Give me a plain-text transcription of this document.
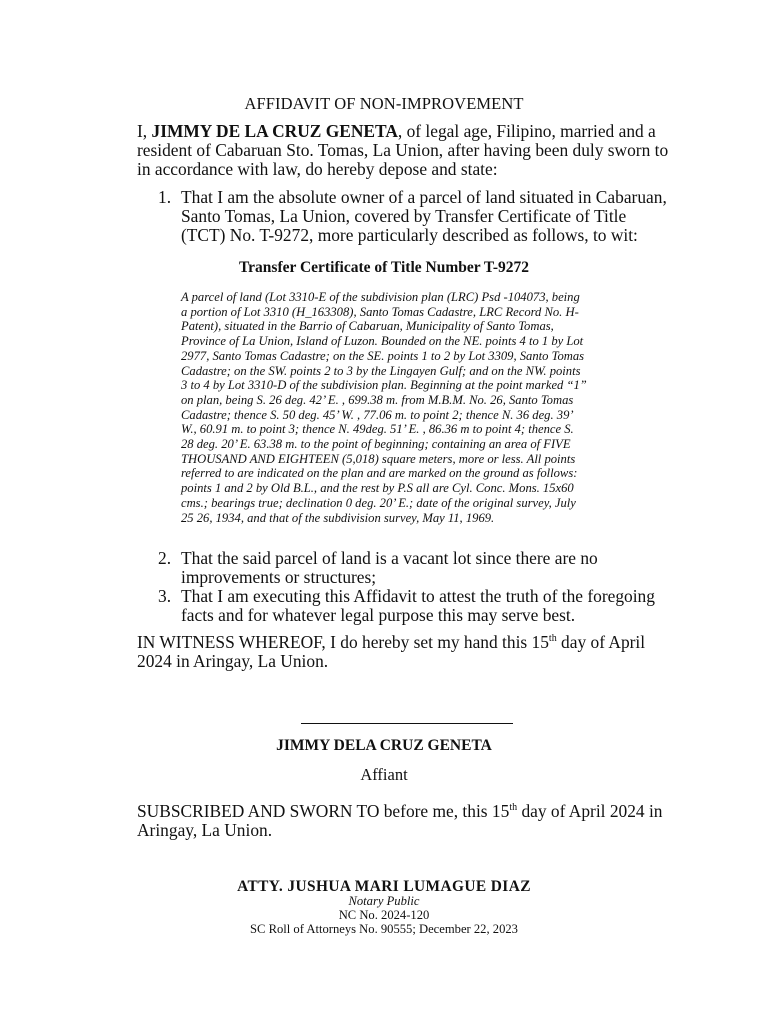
AFFIDAVIT OF NON-IMPROVEMENT
I, JIMMY DE LA CRUZ GENETA, of legal age, Filipino, married and a
resident of Cabaruan Sto. Tomas, La Union, after having been duly sworn to
in accordance with law, do hereby depose and state:
1. That I am the absolute owner of a parcel of land situated in Cabaruan,
Santo Tomas, La Union, covered by Transfer Certificate of Title
(TCT) No. T-9272, more particularly described as follows, to wit:
Transfer Certificate of Title Number T-9272
A parcel of land (Lot 3310-E of the subdivision plan (LRC) Psd -104073, being
a portion of Lot 3310 (H_163308), Santo Tomas Cadastre, LRC Record No. H-
Patent), situated in the Barrio of Cabaruan, Municipality of Santo Tomas,
Province of La Union, Island of Luzon. Bounded on the NE. points 4 to 1 by Lot
2977, Santo Tomas Cadastre; on the SE. points 1 to 2 by Lot 3309, Santo Tomas
Cadastre; on the SW. points 2 to 3 by the Lingayen Gulf; and on the NW. points
3 to 4 by Lot 3310-D of the subdivision plan. Beginning at the point marked “1”
on plan, being S. 26 deg. 42’ E. , 699.38 m. from M.B.M. No. 26, Santo Tomas
Cadastre; thence S. 50 deg. 45’ W. , 77.06 m. to point 2; thence N. 36 deg. 39’
W., 60.91 m. to point 3; thence N. 49deg. 51’ E. , 86.36 m to point 4; thence S.
28 deg. 20’ E. 63.38 m. to the point of beginning; containing an area of FIVE
THOUSAND AND EIGHTEEN (5,018) square meters, more or less. All points
referred to are indicated on the plan and are marked on the ground as follows:
points 1 and 2 by Old B.L., and the rest by P.S all are Cyl. Conc. Mons. 15x60
cms.; bearings true; declination 0 deg. 20’ E.; date of the original survey, July
25 26, 1934, and that of the subdivision survey, May 11, 1969.
2. That the said parcel of land is a vacant lot since there are no
improvements or structures;
3. That I am executing this Affidavit to attest the truth of the foregoing
facts and for whatever legal purpose this may serve best.
IN WITNESS WHEREOF, I do hereby set my hand this 15th day of April
2024 in Aringay, La Union.
JIMMY DELA CRUZ GENETA
Affiant
SUBSCRIBED AND SWORN TO before me, this 15th day of April 2024 in
Aringay, La Union.
ATTY. JUSHUA MARI LUMAGUE DIAZ
Notary Public
NC No. 2024-120
SC Roll of Attorneys No. 90555; December 22, 2023
